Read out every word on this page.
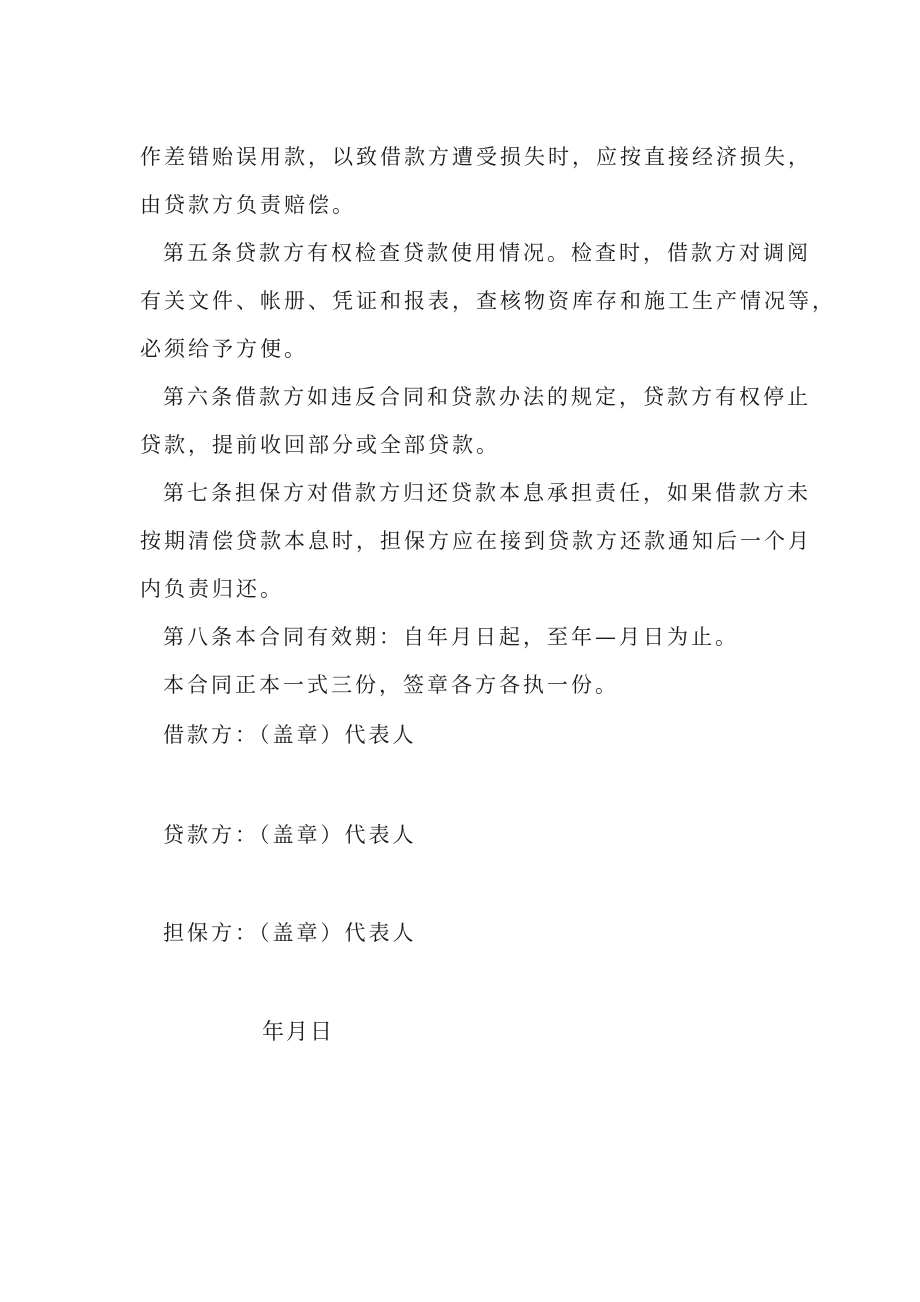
作差错贻误用款，以致借款方遭受损失时，应按直接经济损失，
由贷款方负责赔偿。
第五条贷款方有权检查贷款使用情况。检查时，借款方对调阅
有关文件、帐册、凭证和报表，查核物资库存和施工生产情况等，
必须给予方便。
第六条借款方如违反合同和贷款办法的规定，贷款方有权停止
贷款，提前收回部分或全部贷款。
第七条担保方对借款方归还贷款本息承担责任，如果借款方未
按期清偿贷款本息时，担保方应在接到贷款方还款通知后一个月
内负责归还。
第八条本合同有效期：自年月日起，至年—月日为止。
本合同正本一式三份，签章各方各执一份。
借款方：（盖章）代表人
贷款方：（盖章）代表人
担保方：（盖章）代表人
年月日
